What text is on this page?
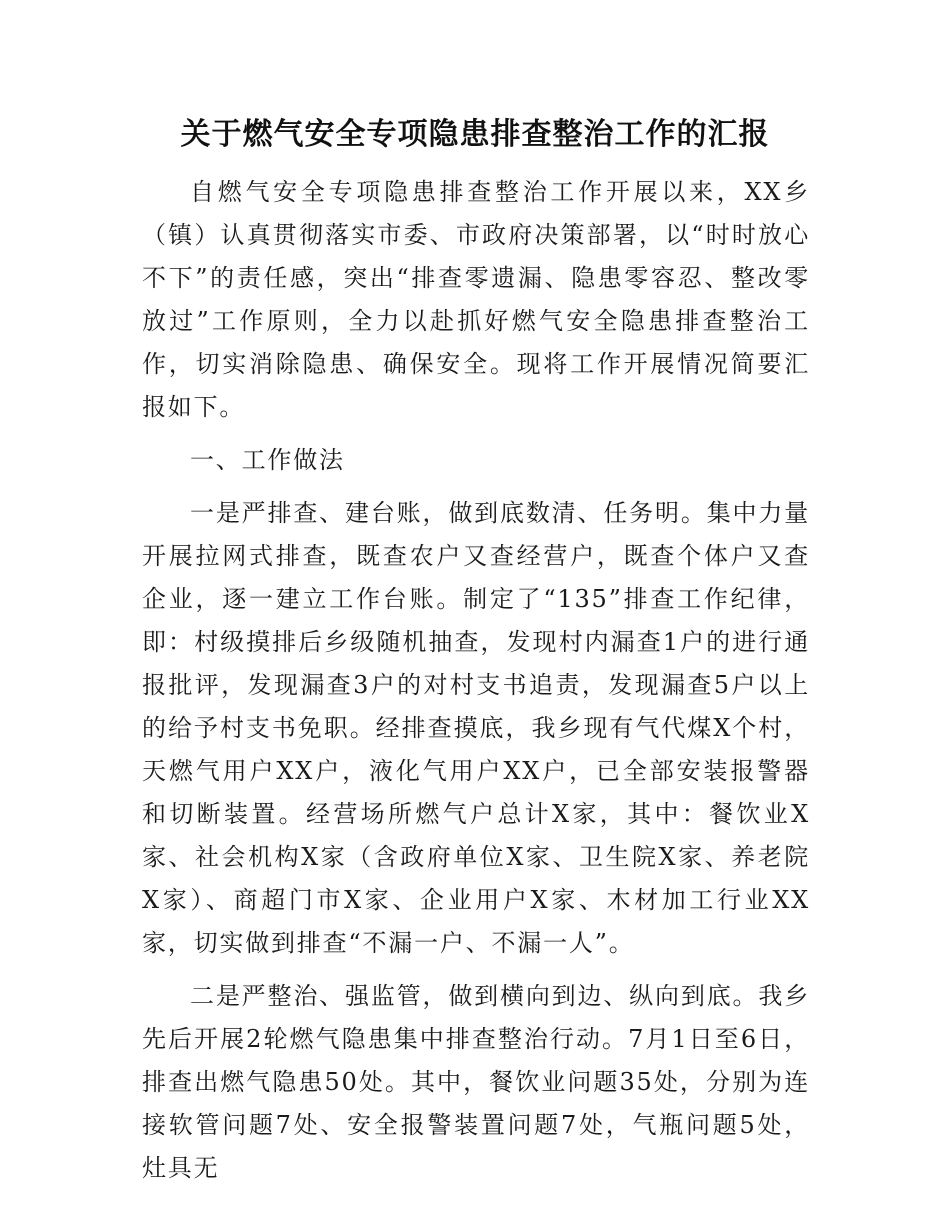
关于燃气安全专项隐患排查整治工作的汇报

自燃气安全专项隐患排查整治工作开展以来，XX乡（镇）认真贯彻落实市委、市政府决策部署，以“时时放心不下”的责任感，突出“排查零遗漏、隐患零容忍、整改零放过”工作原则，全力以赴抓好燃气安全隐患排查整治工作，切实消除隐患、确保安全。现将工作开展情况简要汇报如下。

一、工作做法

一是严排查、建台账，做到底数清、任务明。集中力量开展拉网式排查，既查农户又查经营户，既查个体户又查企业，逐一建立工作台账。制定了“135”排查工作纪律，即：村级摸排后乡级随机抽查，发现村内漏查1户的进行通报批评，发现漏查3户的对村支书追责，发现漏查5户以上的给予村支书免职。经排查摸底，我乡现有气代煤X个村，天燃气用户XX户，液化气用户XX户，已全部安装报警器和切断装置。经营场所燃气户总计X家，其中：餐饮业X家、社会机构X家（含政府单位X家、卫生院X家、养老院X家）、商超门市X家、企业用户X家、木材加工行业XX家，切实做到排查“不漏一户、不漏一人”。

二是严整治、强监管，做到横向到边、纵向到底。我乡先后开展2轮燃气隐患集中排查整治行动。7月1日至6日，排查出燃气隐患50处。其中，餐饮业问题35处，分别为连接软管问题7处、安全报警装置问题7处，气瓶问题5处，灶具无
